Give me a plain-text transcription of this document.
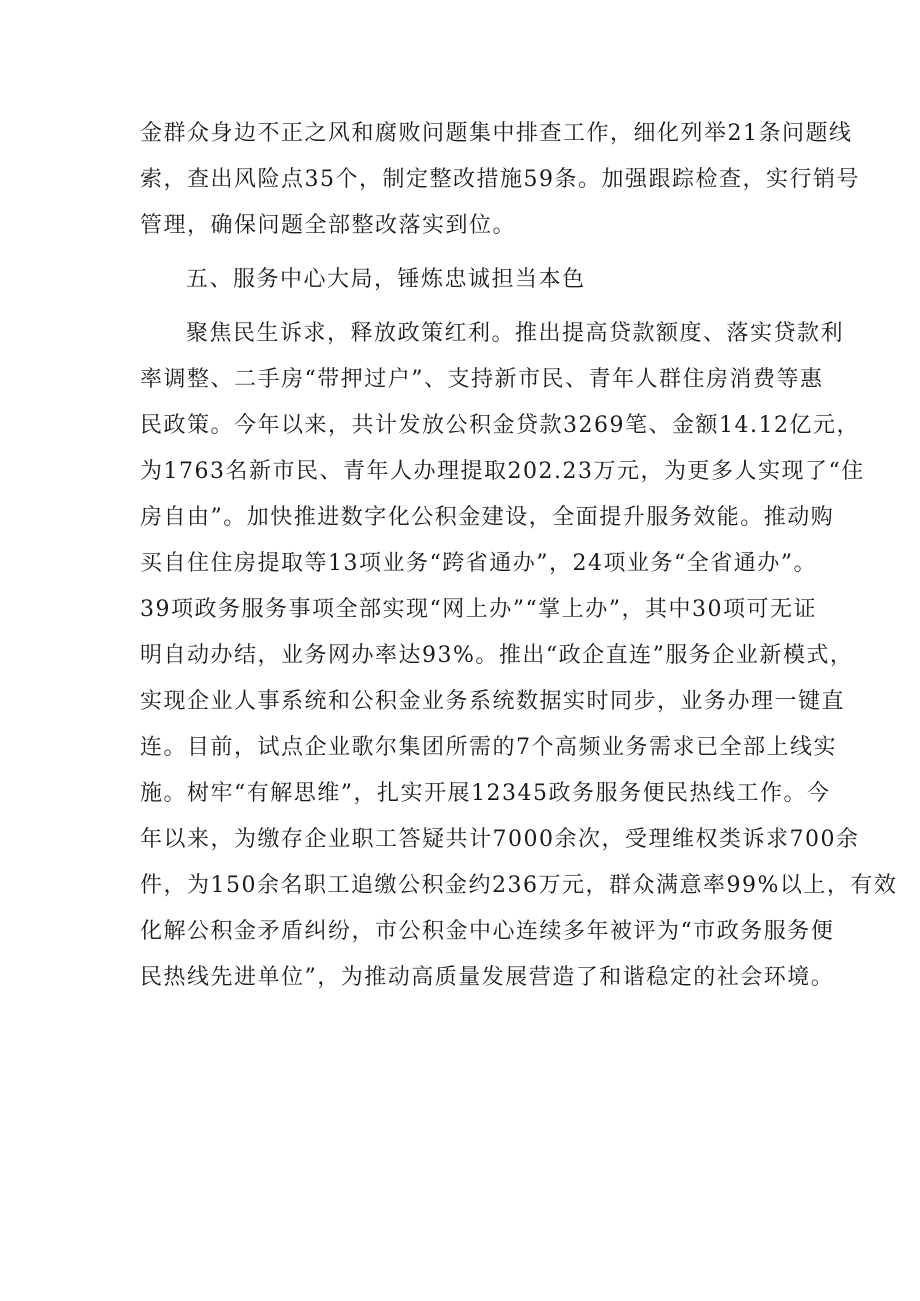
金群众身边不正之风和腐败问题集中排查工作，细化列举21条问题线
索，查出风险点35个，制定整改措施59条。加强跟踪检查，实行销号
管理，确保问题全部整改落实到位。
五、服务中心大局，锤炼忠诚担当本色
聚焦民生诉求，释放政策红利。推出提高贷款额度、落实贷款利
率调整、二手房“带押过户”、支持新市民、青年人群住房消费等惠
民政策。今年以来，共计发放公积金贷款3269笔、金额14.12亿元，
为1763名新市民、青年人办理提取202.23万元，为更多人实现了“住
房自由”。加快推进数字化公积金建设，全面提升服务效能。推动购
买自住住房提取等13项业务“跨省通办”，24项业务“全省通办”。
39项政务服务事项全部实现“网上办”“掌上办”，其中30项可无证
明自动办结，业务网办率达93%。推出“政企直连”服务企业新模式，
实现企业人事系统和公积金业务系统数据实时同步，业务办理一键直
连。目前，试点企业歌尔集团所需的7个高频业务需求已全部上线实
施。树牢“有解思维”，扎实开展12345政务服务便民热线工作。今
年以来，为缴存企业职工答疑共计7000余次，受理维权类诉求700余
件，为150余名职工追缴公积金约236万元，群众满意率99%以上，有效
化解公积金矛盾纠纷，市公积金中心连续多年被评为“市政务服务便
民热线先进单位”，为推动高质量发展营造了和谐稳定的社会环境。
